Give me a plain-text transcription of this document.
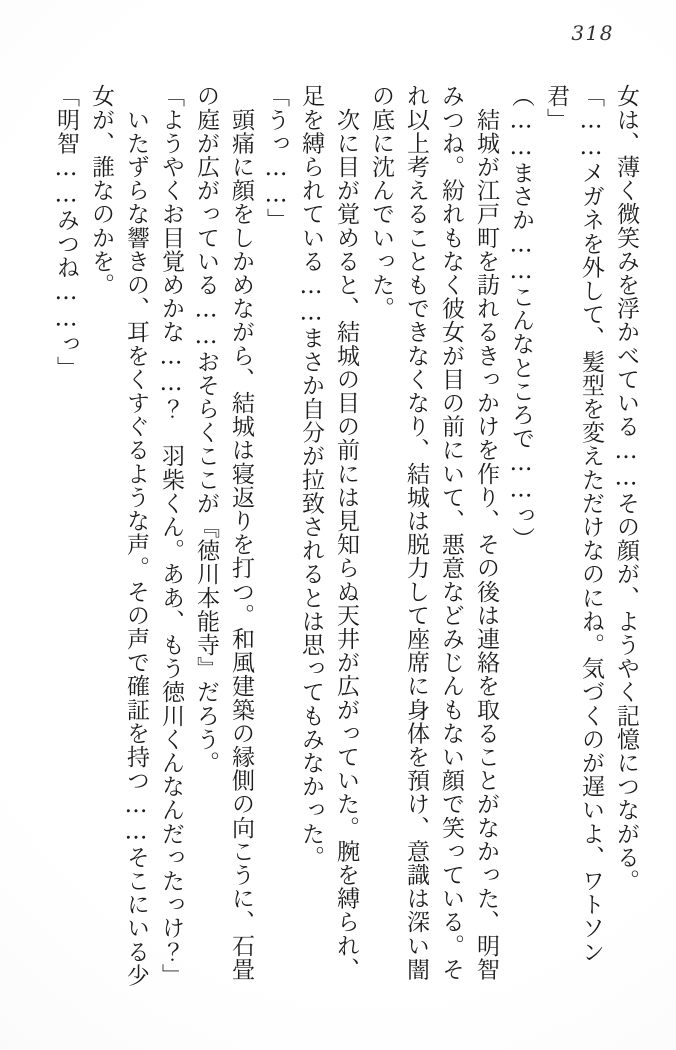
318

女は、薄く微笑みを浮かべている……その顔が、ようやく記憶につながる。

「……メガネを外して、髪型を変えただけなのにね。気づくのが遅いよ、ワトソン

君」

（……まさか……こんなところで……っ）

　結城が江戸町を訪れるきっかけを作り、その後は連絡を取ることがなかった、明智

みつね。紛れもなく彼女が目の前にいて、悪意などみじんもない顔で笑っている。そ

れ以上考えることもできなくなり、結城は脱力して座席に身体を預け、意識は深い闇

の底に沈んでいった。

　次に目が覚めると、結城の目の前には見知らぬ天井が広がっていた。腕を縛られ、

足を縛られている……まさか自分が拉致されるとは思ってもみなかった。

「うっ……」

　頭痛に顔をしかめながら、結城は寝返りを打つ。和風建築の縁側の向こうに、石畳

の庭が広がっている……おそらくここが『徳川本能寺』だろう。

「ようやくお目覚めかな……？　羽柴くん。ああ、もう徳川くんなんだったっけ？」

　いたずらな響きの、耳をくすぐるような声。その声で確証を持つ……そこにいる少

女が、誰なのかを。

「明智……みつね……っ」
